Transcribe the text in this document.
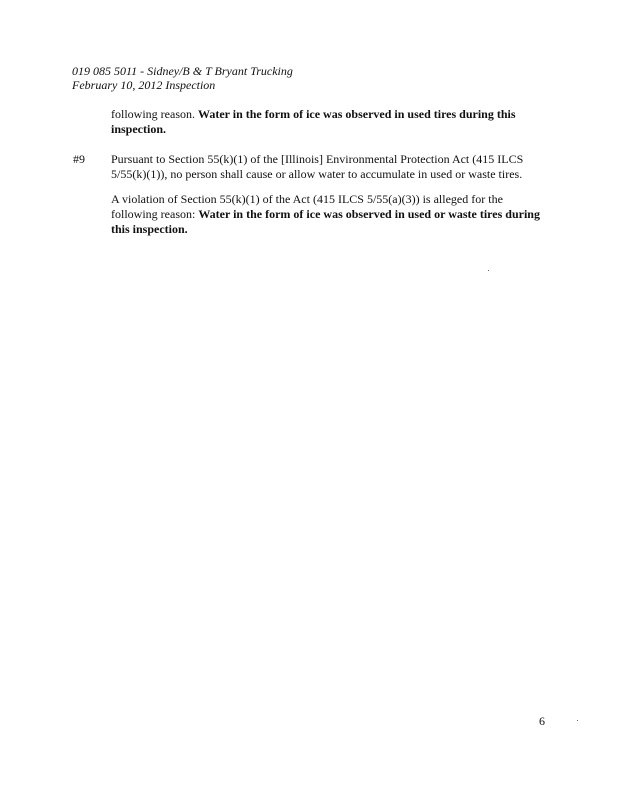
019 085 5011 - Sidney/B & T Bryant Trucking
February 10, 2012 Inspection
following reason. Water in the form of ice was observed in used tires during this inspection.
#9 Pursuant to Section 55(k)(1) of the [Illinois] Environmental Protection Act (415 ILCS 5/55(k)(1)), no person shall cause or allow water to accumulate in used or waste tires.
A violation of Section 55(k)(1) of the Act (415 ILCS 5/55(a)(3)) is alleged for the following reason: Water in the form of ice was observed in used or waste tires during this inspection.
6
